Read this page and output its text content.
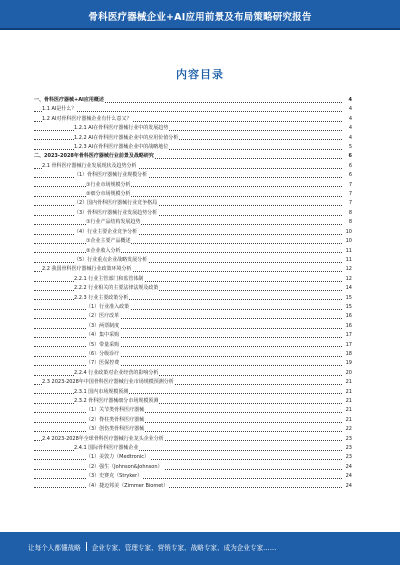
骨科医疗器械企业+AI应用前景及布局策略研究报告
内容目录
一、骨科医疗器械+AI应用概述	4
1.1 AI是什么？	4
1.2 AI对骨科医疗器械企业有什么意义？	4
1.2.1 AI在骨科医疗器械行业中的发展趋势	4
1.2.2 AI在骨科医疗器械企业中的应用价值分析	4
1.2.3 AI在骨科医疗器械企业中的战略地位	5
二、2023-2028年骨科医疗器械行业前景及战略研究	6
2.1 骨科医疗器械行业发展现状及趋势分析	6
（1）骨科医疗器械行业规模分析	6
①行业市场规模分析	7
②细分市场规模分析	7
（2）国内骨科医疗器械行业竞争格局	7
（3）骨科医疗器械行业发展趋势分析	8
①行业产品结构发展趋势	8
（4）行业主要企业竞争分析	10
①企业主要产品概述	10
②企业收入分析	11
（5）行业重点企业战略发展分析	11
2.2 我国骨科医疗器械行业政策环境分析	12
2.2.1 行业主管部门和监管体制	12
2.2.2 行业相关的主要法律法规及政策	14
2.2.3 行业主要政策分析	15
（1）行业准入政策	15
（2）医疗改革	16
（3）两票制度	16
（4）集中采购	17
（5）带量采购	17
（6）分级诊疗	18
（7）医保控费	19
2.2.4 行业政策对企业经营的影响分析	20
2.3 2023-2028年中国骨科医疗器械行业市场规模预测分析	21
2.3.1 国内市场规模预测	21
2.3.2 骨科医疗器械细分市场规模预测	21
（1）关节类骨科医疗器械	21
（2）脊柱类骨科医疗器械	21
（3）创伤类骨科医疗器械	22
2.4 2023-2028年全球骨科医疗器械行业龙头企业分析	23
2.4.1 国际骨科医疗器械企业	23
（1）美敦力（Medtronic）	23
（2）强生（Johnson&Johnson）	24
（3）史赛克（Stryker）	24
（4）捷迈邦美（Zimmer Biomet）	24
让每个人都懂战略 企业专家、管理专家、营销专家、战略专家、成为企业专家……
